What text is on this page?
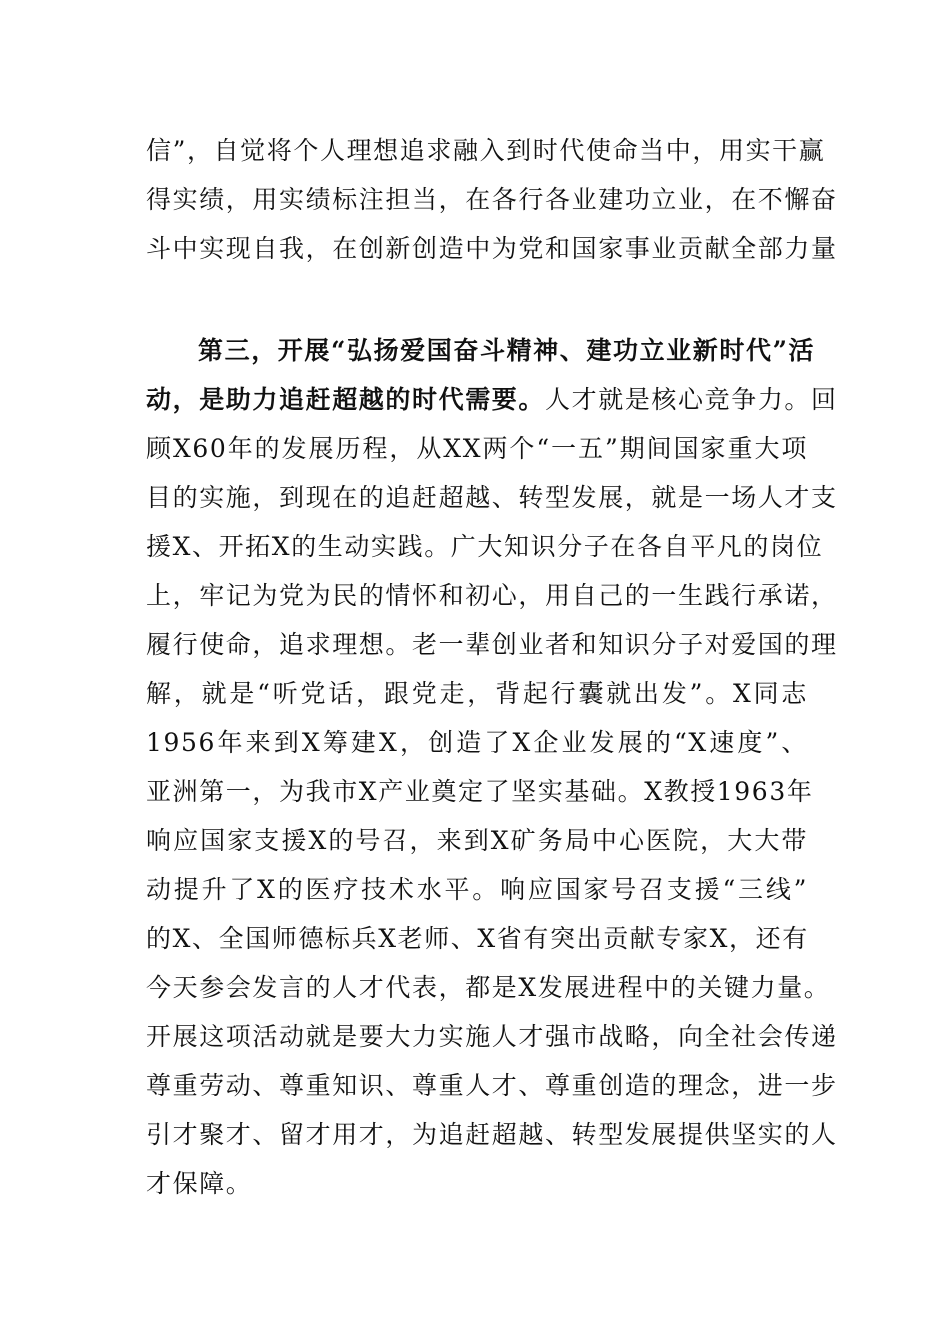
信”，自觉将个人理想追求融入到时代使命当中，用实干赢
得实绩，用实绩标注担当，在各行各业建功立业，在不懈奋
斗中实现自我，在创新创造中为党和国家事业贡献全部力量
第三，开展“弘扬爱国奋斗精神、建功立业新时代”活
动，是助力追赶超越的时代需要。人才就是核心竞争力。回
顾X60年的发展历程，从XX两个“一五”期间国家重大项
目的实施，到现在的追赶超越、转型发展，就是一场人才支
援X、开拓X的生动实践。广大知识分子在各自平凡的岗位
上，牢记为党为民的情怀和初心，用自己的一生践行承诺，
履行使命，追求理想。老一辈创业者和知识分子对爱国的理
解，就是“听党话，跟党走，背起行囊就出发”。X同志
1956年来到X筹建X，创造了X企业发展的“X速度”、
亚洲第一，为我市X产业奠定了坚实基础。X教授1963年
响应国家支援X的号召，来到X矿务局中心医院，大大带
动提升了X的医疗技术水平。响应国家号召支援“三线”
的X、全国师德标兵X老师、X省有突出贡献专家X，还有
今天参会发言的人才代表，都是X发展进程中的关键力量。
开展这项活动就是要大力实施人才强市战略，向全社会传递
尊重劳动、尊重知识、尊重人才、尊重创造的理念，进一步
引才聚才、留才用才，为追赶超越、转型发展提供坚实的人
才保障。
